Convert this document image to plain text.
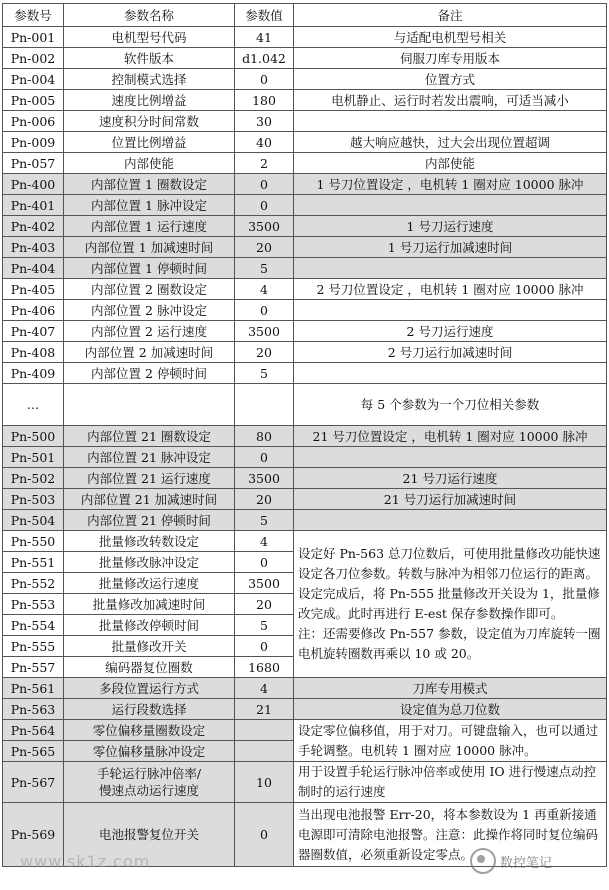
参数号	参数名称	参数值	备注
Pn-001	电机型号代码	41	与适配电机型号相关
Pn-002	软件版本	d1.042	伺服刀库专用版本
Pn-004	控制模式选择	0	位置方式
Pn-005	速度比例增益	180	电机静止、运行时若发出震响，可适当减小
Pn-006	速度积分时间常数	30	
Pn-009	位置比例增益	40	越大响应越快，过大会出现位置超调
Pn-057	内部使能	2	内部使能
Pn-400	内部位置 1 圈数设定	0	1 号刀位置设定 ，电机转 1 圈对应 10000 脉冲
Pn-401	内部位置 1 脉冲设定	0	
Pn-402	内部位置 1 运行速度	3500	1 号刀运行速度
Pn-403	内部位置 1 加减速时间	20	1 号刀运行加减速时间
Pn-404	内部位置 1 停顿时间	5	
Pn-405	内部位置 2 圈数设定	4	2 号刀位置设定 ，电机转 1 圈对应 10000 脉冲
Pn-406	内部位置 2 脉冲设定	0	
Pn-407	内部位置 2 运行速度	3500	2 号刀运行速度
Pn-408	内部位置 2 加减速时间	20	2 号刀运行加减速时间
Pn-409	内部位置 2 停顿时间	5	
…			每 5 个参数为一个刀位相关参数
Pn-500	内部位置 21 圈数设定	80	21 号刀位置设定 ，电机转 1 圈对应 10000 脉冲
Pn-501	内部位置 21 脉冲设定	0	
Pn-502	内部位置 21 运行速度	3500	21 号刀运行速度
Pn-503	内部位置 21 加减速时间	20	21 号刀运行加减速时间
Pn-504	内部位置 21 停顿时间	5	
Pn-550	批量修改转数设定	4	设定好 Pn-563 总刀位数后，可使用批量修改功能快速设定各刀位参数。转数与脉冲为相邻刀位运行的距离。设定完成后，将 Pn-555 批量修改开关设为 1，批量修改完成。此时再进行 E-est 保存参数操作即可。
注：还需要修改 Pn-557 参数，设定值为刀库旋转一圈电机旋转圈数再乘以 10 或 20。

Pn-551	批量修改脉冲设定	0	
Pn-552	批量修改运行速度	3500	
Pn-553	批量修改加减速时间	20	
Pn-554	批量修改停顿时间	5	
Pn-555	批量修改开关	0	
Pn-557	编码器复位圈数	1680	
Pn-561	多段位置运行方式	4	刀库专用模式
Pn-563	运行段数选择	21	设定值为总刀位数
Pn-564	零位偏移量圈数设定		设定零位偏移值，用于对刀。可键盘输入，也可以通过手轮调整。电机转 1 圈对应 10000 脉冲。
Pn-565	零位偏移量脉冲设定		
Pn-567	手轮运行脉冲倍率/
慢速点动运行速度	10	用于设置手轮运行脉冲倍率或使用 IO 进行慢速点动控制时的运行速度
Pn-569	电池报警复位开关	0	当出现电池报警 Err-20，将本参数设为 1 再重新接通电源即可清除电池报警。注意：此操作将同时复位编码器圈数值，必须重新设定零点。
www.sk1z.com	数控笔记
